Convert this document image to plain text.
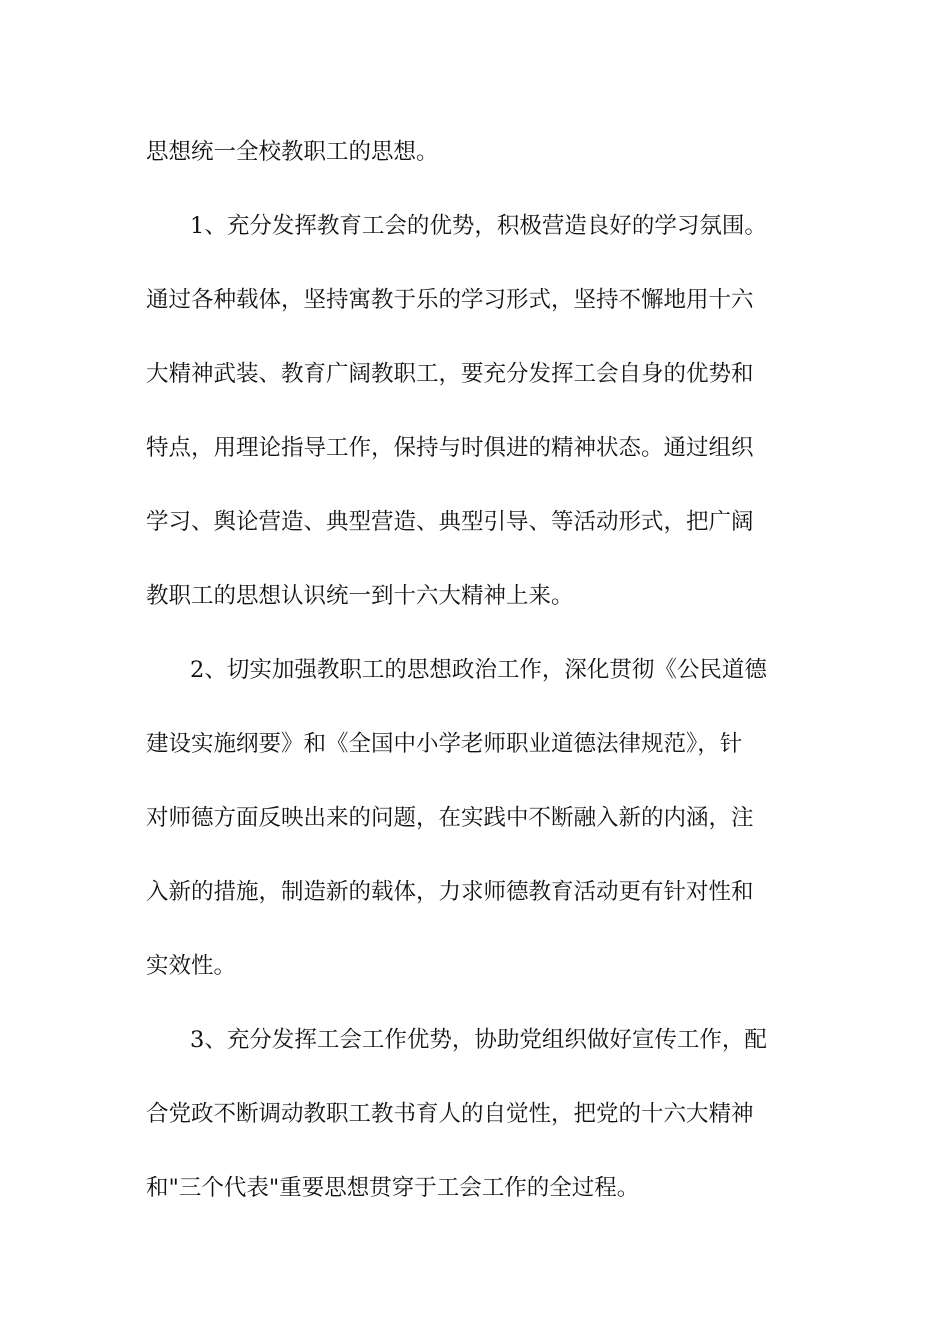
思想统一全校教职工的思想。
1、充分发挥教育工会的优势，积极营造良好的学习氛围。
通过各种载体，坚持寓教于乐的学习形式，坚持不懈地用十六
大精神武装、教育广阔教职工，要充分发挥工会自身的优势和
特点，用理论指导工作，保持与时俱进的精神状态。通过组织
学习、舆论营造、典型营造、典型引导、等活动形式，把广阔
教职工的思想认识统一到十六大精神上来。
2、切实加强教职工的思想政治工作，深化贯彻《公民道德
建设实施纲要》和《全国中小学老师职业道德法律规范》，针
对师德方面反映出来的问题，在实践中不断融入新的内涵，注
入新的措施，制造新的载体，力求师德教育活动更有针对性和
实效性。
3、充分发挥工会工作优势，协助党组织做好宣传工作，配
合党政不断调动教职工教书育人的自觉性，把党的十六大精神
和"三个代表"重要思想贯穿于工会工作的全过程。
